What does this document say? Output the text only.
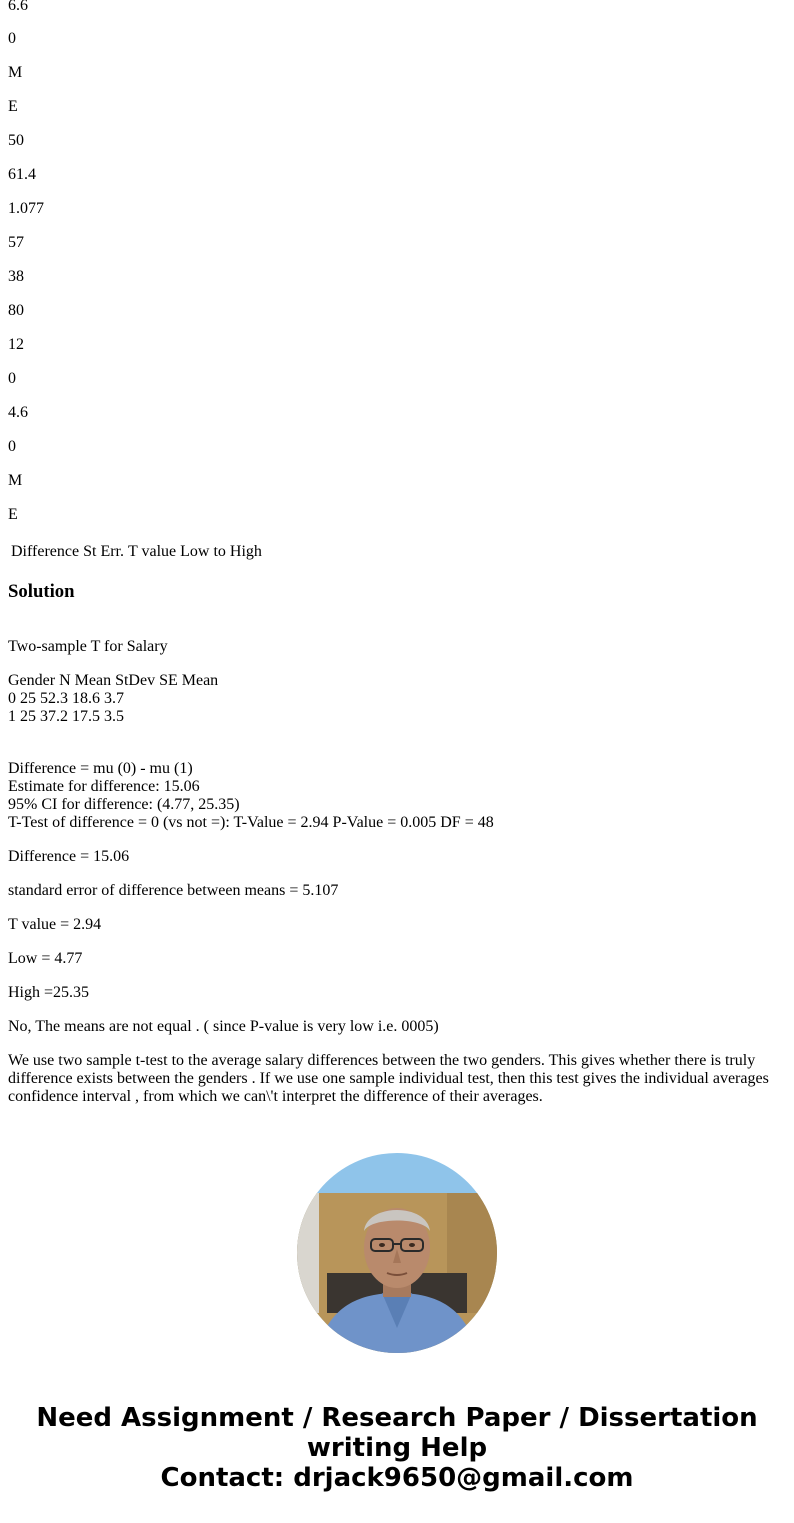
6.6

0

M

E

50

61.4

1.077

57

38

80

12

0

4.6

0

M

E

Difference	St Err.	T value	Low	to	High
Solution

Two-sample T for Salary

Gender N Mean StDev SE Mean
0 25 52.3 18.6 3.7
1 25 37.2 17.5 3.5
Difference = mu (0) - mu (1)
Estimate for difference: 15.06
95% CI for difference: (4.77, 25.35)
T-Test of difference = 0 (vs not =): T-Value = 2.94 P-Value = 0.005 DF = 48

Difference = 15.06

standard error of difference between means = 5.107

T value = 2.94

Low = 4.77

High =25.35

No, The means are not equal . ( since P-value is very low i.e. 0005)

We use two sample t-test to the average salary differences between the two genders. This gives whether there is truly difference exists between the genders . If we use one sample individual test, then this test gives the individual averages confidence interval , from which we can\'t interpret the difference of their averages.

Need Assignment / Research Paper / Dissertation writing Help
Contact: drjack9650@gmail.com
